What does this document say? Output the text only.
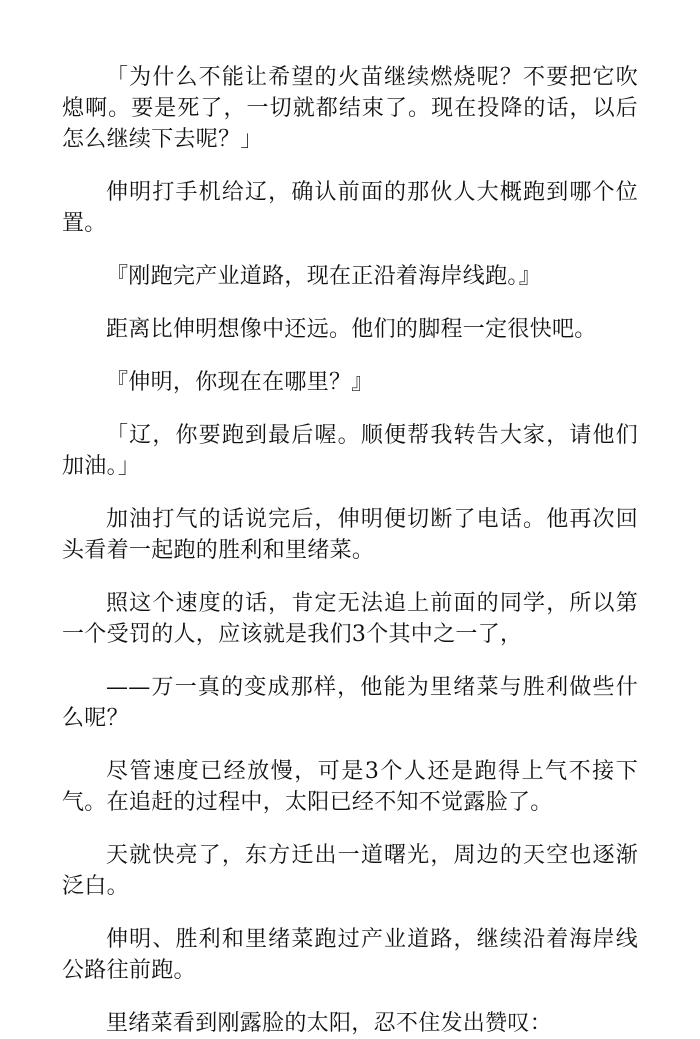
「为什么不能让希望的火苗继续燃烧呢？不要把它吹熄啊。要是死了，一切就都结束了。现在投降的话，以后怎么继续下去呢？」

伸明打手机给辽，确认前面的那伙人大概跑到哪个位置。

『刚跑完产业道路，现在正沿着海岸线跑。』

距离比伸明想像中还远。他们的脚程一定很快吧。

『伸明，你现在在哪里？』

「辽，你要跑到最后喔。顺便帮我转告大家，请他们加油。」

加油打气的话说完后，伸明便切断了电话。他再次回头看着一起跑的胜利和里绪菜。

照这个速度的话，肯定无法追上前面的同学，所以第一个受罚的人，应该就是我们3个其中之一了，

——万一真的变成那样，他能为里绪菜与胜利做些什么呢？

尽管速度已经放慢，可是3个人还是跑得上气不接下气。在追赶的过程中，太阳已经不知不觉露脸了。

天就快亮了，东方迁出一道曙光，周边的天空也逐渐泛白。

伸明、胜利和里绪菜跑过产业道路，继续沿着海岸线公路往前跑。

里绪菜看到刚露脸的太阳，忍不住发出赞叹：
